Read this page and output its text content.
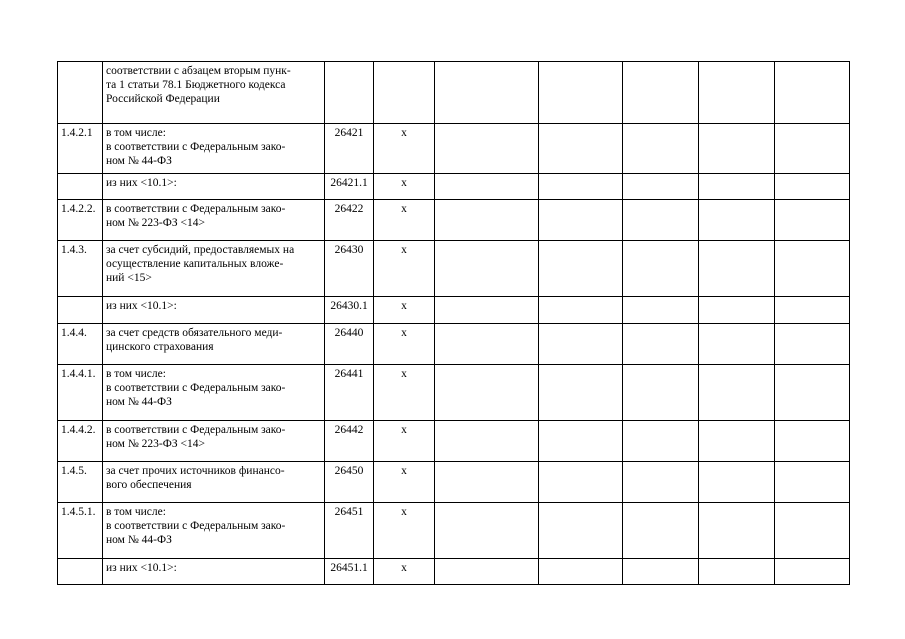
	соответствии с абзацем вторым пунк-
та 1 статьи 78.1 Бюджетного кодекса
Российской Федерации							

1.4.2.1	в том числе:
в соответствии с Федеральным зако-
ном № 44-ФЗ	26421	x					

	из них <10.1>:	26421.1	x					
1.4.2.2.	в соответствии с Федеральным зако-
ном № 223-ФЗ <14>	26422	x					
1.4.3.	за счет субсидий, предоставляемых на
осуществление капитальных вложе-
ний <15>	26430	x					

	из них <10.1>:	26430.1	x					
1.4.4.	за счет средств обязательного меди-
цинского страхования	26440	x					
1.4.4.1.	в том числе:
в соответствии с Федеральным зако-
ном № 44-ФЗ	26441	x					
1.4.4.2.	в соответствии с Федеральным зако-
ном № 223-ФЗ <14>	26442	x					
1.4.5.	за счет прочих источников финансо-
вого обеспечения	26450	x					
1.4.5.1.	в том числе:
в соответствии с Федеральным зако-
ном № 44-ФЗ	26451	x					

	из них <10.1>:	26451.1	x					
